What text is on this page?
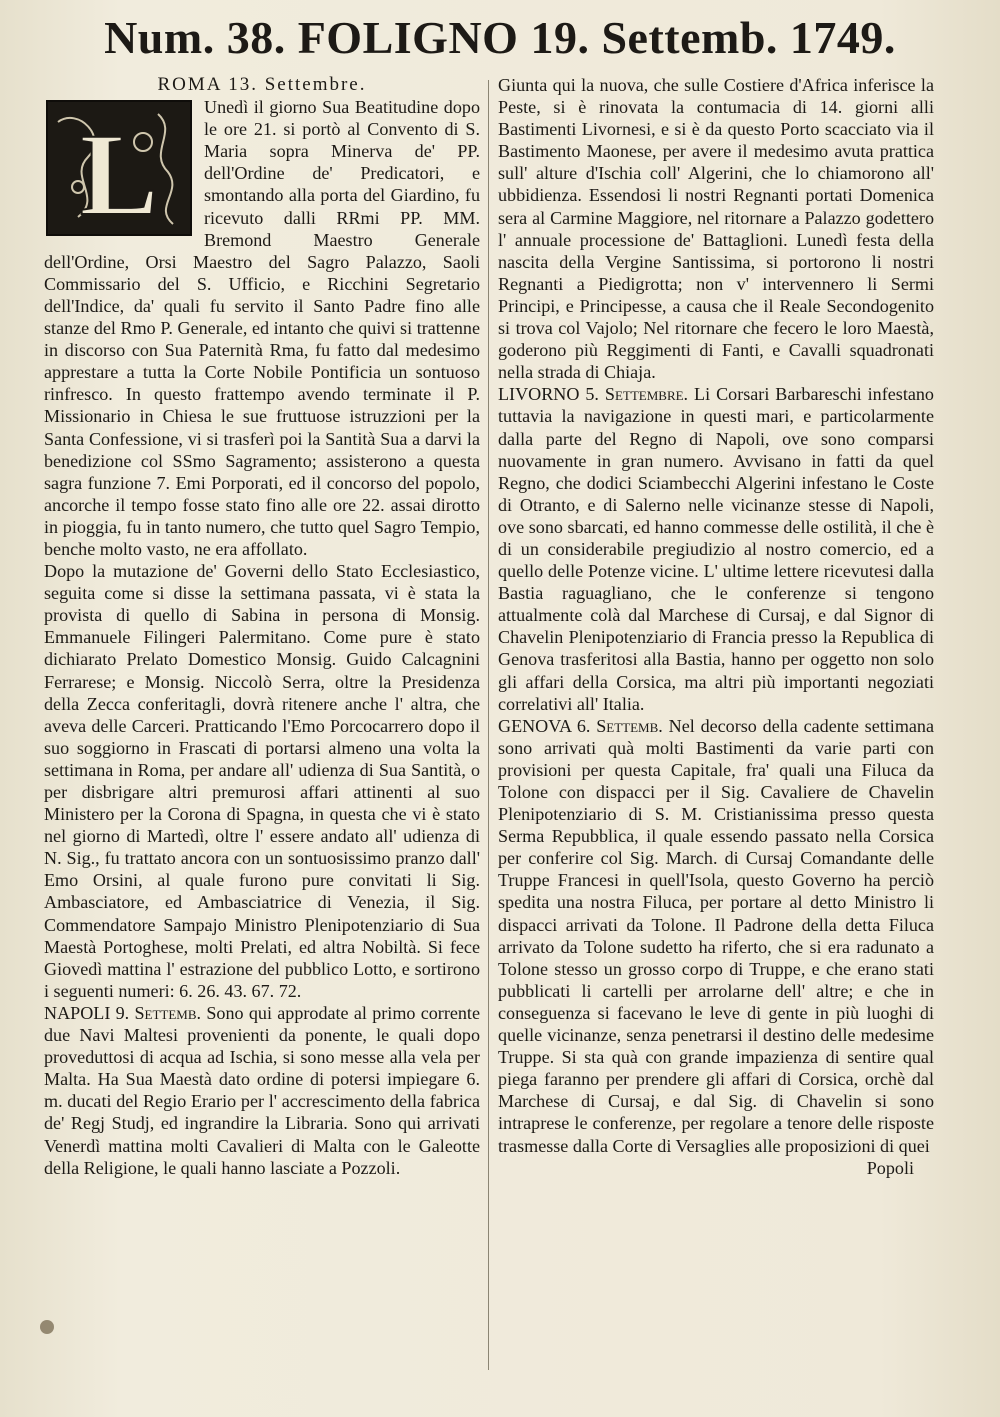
Num. 38. FOLIGNO 19. Settemb. 1749.

ROMA 13. Settembre.

L

Unedì il giorno Sua Beatitudine dopo le ore 21. si portò al Convento di S. Maria sopra Minerva de' PP. dell'Ordine de' Predicatori, e smontando alla porta del Giardino, fu ricevuto dalli RRmi PP. MM. Bremond Maestro Generale dell'Ordine, Orsi Maestro del Sagro Palazzo, Saoli Commissario del S. Ufficio, e Ricchini Segretario dell'Indice, da' quali fu servito il Santo Padre fino alle stanze del Rmo P. Generale, ed intanto che quivi si trattenne in discorso con Sua Paternità Rma, fu fatto dal medesimo apprestare a tutta la Corte Nobile Pontificia un sontuoso rinfresco. In questo frattempo avendo terminate il P. Missionario in Chiesa le sue fruttuose istruzzioni per la Santa Confessione, vi si trasferì poi la Santità Sua a darvi la benedizione col SSmo Sagramento; assisterono a questa sagra funzione 7. Emi Porporati, ed il concorso del popolo, ancorche il tempo fosse stato fino alle ore 22. assai dirotto in pioggia, fu in tanto numero, che tutto quel Sagro Tempio, benche molto vasto, ne era affollato.

Dopo la mutazione de' Governi dello Stato Ecclesiastico, seguita come si disse la settimana passata, vi è stata la provista di quello di Sabina in persona di Monsig. Emmanuele Filingeri Palermitano. Come pure è stato dichiarato Prelato Domestico Monsig. Guido Calcagnini Ferrarese; e Monsig. Niccolò Serra, oltre la Presidenza della Zecca conferitagli, dovrà ritenere anche l' altra, che aveva delle Carceri. Pratticando l'Emo Porcocarrero dopo il suo soggiorno in Frascati di portarsi almeno una volta la settimana in Roma, per andare all' udienza di Sua Santità, o per disbrigare altri premurosi affari attinenti al suo Ministero per la Corona di Spagna, in questa che vi è stato nel giorno di Martedì, oltre l' essere andato all' udienza di N. Sig., fu trattato ancora con un sontuosissimo pranzo dall' Emo Orsini, al quale furono pure convitati li Sig. Ambasciatore, ed Ambasciatrice di Venezia, il Sig. Commendatore Sampajo Ministro Plenipotenziario di Sua Maestà Portoghese, molti Prelati, ed altra Nobiltà. Si fece Giovedì mattina l' estrazione del pubblico Lotto, e sortirono i seguenti numeri: 6. 26. 43. 67. 72.

NAPOLI 9. Settemb. Sono qui approdate al primo corrente due Navi Maltesi provenienti da ponente, le quali dopo proveduttosi di acqua ad Ischia, si sono messe alla vela per Malta. Ha Sua Maestà dato ordine di potersi impiegare 6. m. ducati del Regio Erario per l' accrescimento della fabrica de' Regj Studj, ed ingrandire la Libraria. Sono qui arrivati Venerdì mattina molti Cavalieri di Malta con le Galeotte della Religione, le quali hanno lasciate a Pozzoli.

Giunta qui la nuova, che sulle Costiere d'Africa inferisce la Peste, si è rinovata la contumacia di 14. giorni alli Bastimenti Livornesi, e si è da questo Porto scacciato via il Bastimento Maonese, per avere il medesimo avuta prattica sull' alture d'Ischia coll' Algerini, che lo chiamorono all' ubbidienza. Essendosi li nostri Regnanti portati Domenica sera al Carmine Maggiore, nel ritornare a Palazzo godettero l' annuale processione de' Battaglioni. Lunedì festa della nascita della Vergine Santissima, si portorono li nostri Regnanti a Piedigrotta; non v' intervennero li Sermi Principi, e Principesse, a causa che il Reale Secondogenito si trova col Vajolo; Nel ritornare che fecero le loro Maestà, goderono più Reggimenti di Fanti, e Cavalli squadronati nella strada di Chiaja.

LIVORNO 5. Settembre. Li Corsari Barbareschi infestano tuttavia la navigazione in questi mari, e particolarmente dalla parte del Regno di Napoli, ove sono comparsi nuovamente in gran numero. Avvisano in fatti da quel Regno, che dodici Sciambecchi Algerini infestano le Coste di Otranto, e di Salerno nelle vicinanze stesse di Napoli, ove sono sbarcati, ed hanno commesse delle ostilità, il che è di un considerabile pregiudizio al nostro comercio, ed a quello delle Potenze vicine. L' ultime lettere ricevutesi dalla Bastia raguagliano, che le conferenze si tengono attualmente colà dal Marchese di Cursaj, e dal Signor di Chavelin Plenipotenziario di Francia presso la Republica di Genova trasferitosi alla Bastia, hanno per oggetto non solo gli affari della Corsica, ma altri più importanti negoziati correlativi all' Italia.

GENOVA 6. Settemb. Nel decorso della cadente settimana sono arrivati quà molti Bastimenti da varie parti con provisioni per questa Capitale, fra' quali una Filuca da Tolone con dispacci per il Sig. Cavaliere de Chavelin Plenipotenziario di S. M. Cristianissima presso questa Serma Repubblica, il quale essendo passato nella Corsica per conferire col Sig. March. di Cursaj Comandante delle Truppe Francesi in quell'Isola, questo Governo ha perciò spedita una nostra Filuca, per portare al detto Ministro li dispacci arrivati da Tolone. Il Padrone della detta Filuca arrivato da Tolone sudetto ha riferto, che si era radunato a Tolone stesso un grosso corpo di Truppe, e che erano stati pubblicati li cartelli per arrolarne dell' altre; e che in conseguenza si facevano le leve di gente in più luoghi di quelle vicinanze, senza penetrarsi il destino delle medesime Truppe. Si sta quà con grande impazienza di sentire qual piega faranno per prendere gli affari di Corsica, orchè dal Marchese di Cursaj, e dal Sig. di Chavelin si sono intraprese le conferenze, per regolare a tenore delle risposte trasmesse dalla Corte di Versaglies alle proposizioni di quei

Popoli
